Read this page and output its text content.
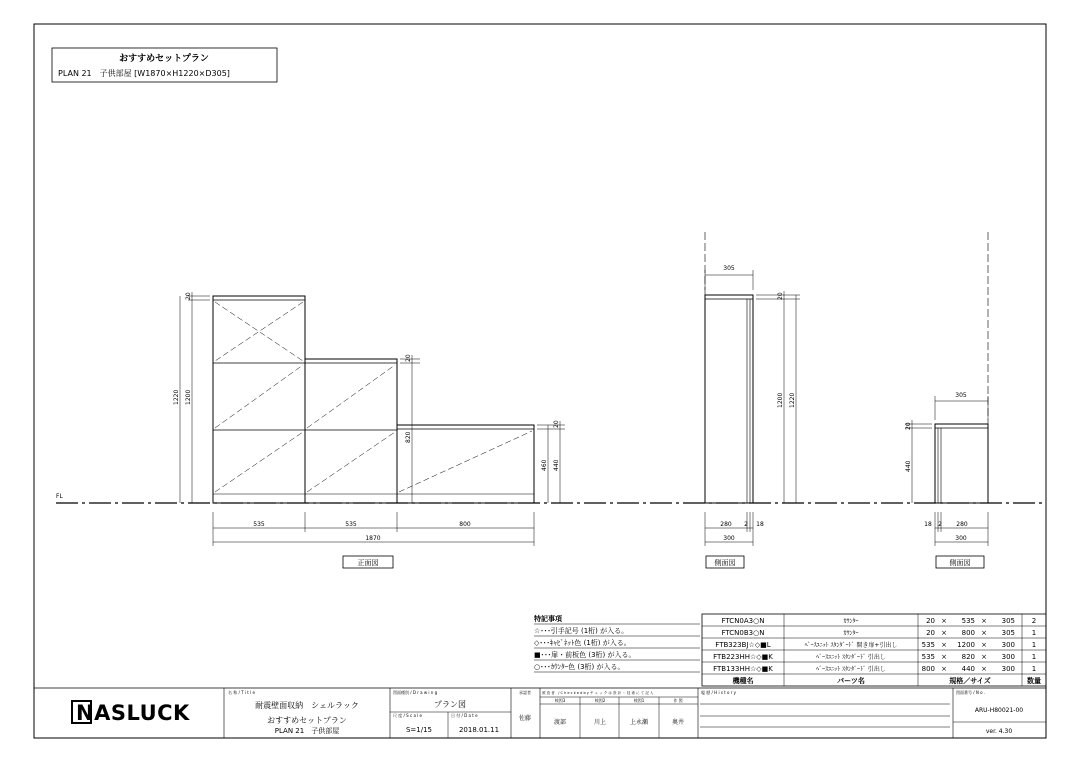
おすすめセットプラン
PLAN 21　子供部屋 [W1870×H1220×D305]
FL
535	535	800
1870
正面図
20
1200
1220
20
820
20
440
460
305
20
1200 1220
280 2 18
300
側面図
305
20
440
18 2 280
300
側面図
特記事項
☆･･･引手記号 (1桁) が入る。
◇･･･ｷｬﾋﾞﾈｯﾄ色 (1桁) が入る。
■･･･扉・前板色 (3桁) が入る。
○･･･ｶｳﾝﾀｰ色 (3桁) が入る。
FTCN0A3○N	ｶｳﾝﾀｰ	20 × 535 × 305 2
FTCN0B3○N	ｶｳﾝﾀｰ	20 × 800 × 305 1
FTB323BJ☆◇■L	ﾍﾞｰｽﾕﾆｯﾄ ｽﾀﾝﾀﾞｰﾄﾞ 開き扉+引出し	535 × 1200 × 300 1
FTB223HH☆◇■K	ﾍﾞｰｽﾕﾆｯﾄ ｽﾀﾝﾀﾞｰﾄﾞ 引出し	535 × 820 × 300 1
FTB133HH☆◇■K	ﾍﾞｰｽﾕﾆｯﾄ ｽﾀﾝﾀﾞｰﾄﾞ 引出し	800 × 440 × 300 1
機種名	パーツ名	規格／サイズ	数量
NASLUCK
名 称 / T i t l e
耐震壁面収納　シェルラック
おすすめセットプラン
PLAN 21　子供部屋
図面種別 / D r a w i n g
プラン図
尺 度 / S c a l e
S=1/15
日 付 / D a t e
2018.01.11
承認者
佐藤
照 査 者　/ C h e c k e d b y チ ェ ッ ク は 設 計 ・ 技 術 に て 記 入
検図3	検図2	検図1	作 図
渡部	川上	上永瀬	奥井
履 歴 / H i s t o r y	図面番号 / N o .
ARU-H80021-00
ver. 4.30
